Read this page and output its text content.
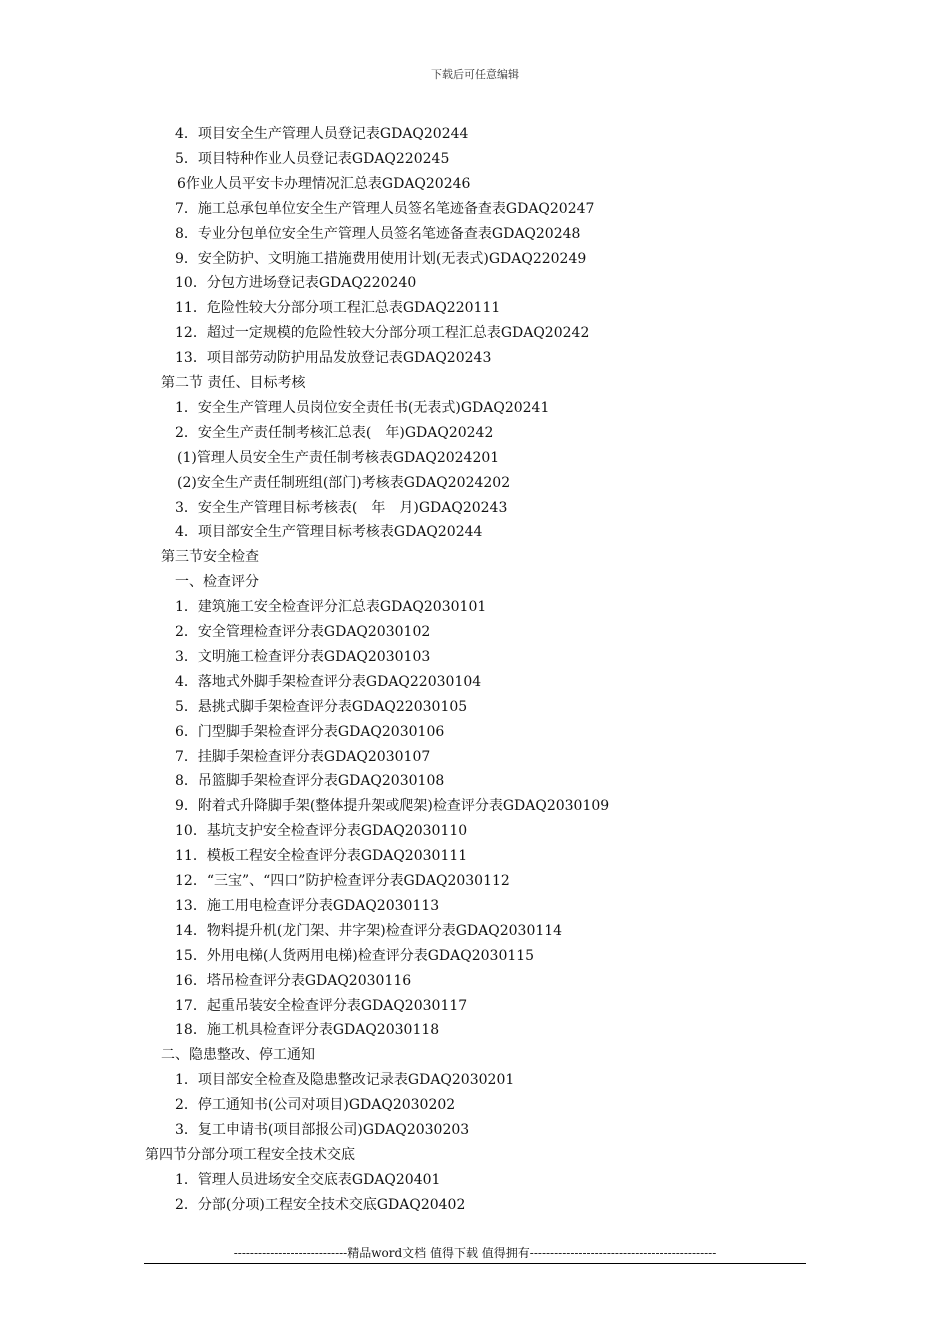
下载后可任意编辑
4．项目安全生产管理人员登记表GDAQ20244
5．项目特种作业人员登记表GDAQ220245
6作业人员平安卡办理情况汇总表GDAQ20246
7．施工总承包单位安全生产管理人员签名笔迹备查表GDAQ20247
8．专业分包单位安全生产管理人员签名笔迹备查表GDAQ20248
9．安全防护、文明施工措施费用使用计划(无表式)GDAQ220249
10．分包方进场登记表GDAQ220240
11．危险性较大分部分项工程汇总表GDAQ220111
12．超过一定规模的危险性较大分部分项工程汇总表GDAQ20242
13．项目部劳动防护用品发放登记表GDAQ20243
第二节 责任、目标考核
1．安全生产管理人员岗位安全责任书(无表式)GDAQ20241
2．安全生产责任制考核汇总表(　年)GDAQ20242
(1)管理人员安全生产责任制考核表GDAQ2024201
(2)安全生产责任制班组(部门)考核表GDAQ2024202
3．安全生产管理目标考核表(　年　月)GDAQ20243
4．项目部安全生产管理目标考核表GDAQ20244
第三节安全检查
一、检查评分
1．建筑施工安全检查评分汇总表GDAQ2030101
2．安全管理检查评分表GDAQ2030102
3．文明施工检查评分表GDAQ2030103
4．落地式外脚手架检查评分表GDAQ22030104
5．悬挑式脚手架检查评分表GDAQ22030105
6．门型脚手架检查评分表GDAQ2030106
7．挂脚手架检查评分表GDAQ2030107
8．吊篮脚手架检查评分表GDAQ2030108
9．附着式升降脚手架(整体提升架或爬架)检查评分表GDAQ2030109
10．基坑支护安全检查评分表GDAQ2030110
11．模板工程安全检查评分表GDAQ2030111
12．“三宝”、“四口”防护检查评分表GDAQ2030112
13．施工用电检查评分表GDAQ2030113
14．物料提升机(龙门架、井字架)检查评分表GDAQ2030114
15．外用电梯(人货两用电梯)检查评分表GDAQ2030115
16．塔吊检查评分表GDAQ2030116
17．起重吊装安全检查评分表GDAQ2030117
18．施工机具检查评分表GDAQ2030118
二、隐患整改、停工通知
1．项目部安全检查及隐患整改记录表GDAQ2030201
2．停工通知书(公司对项目)GDAQ2030202
3．复工申请书(项目部报公司)GDAQ2030203
第四节分部分项工程安全技术交底
1．管理人员进场安全交底表GDAQ20401
2．分部(分项)工程安全技术交底GDAQ20402
----------------------------精品word文档 值得下载 值得拥有----------------------------------------------
